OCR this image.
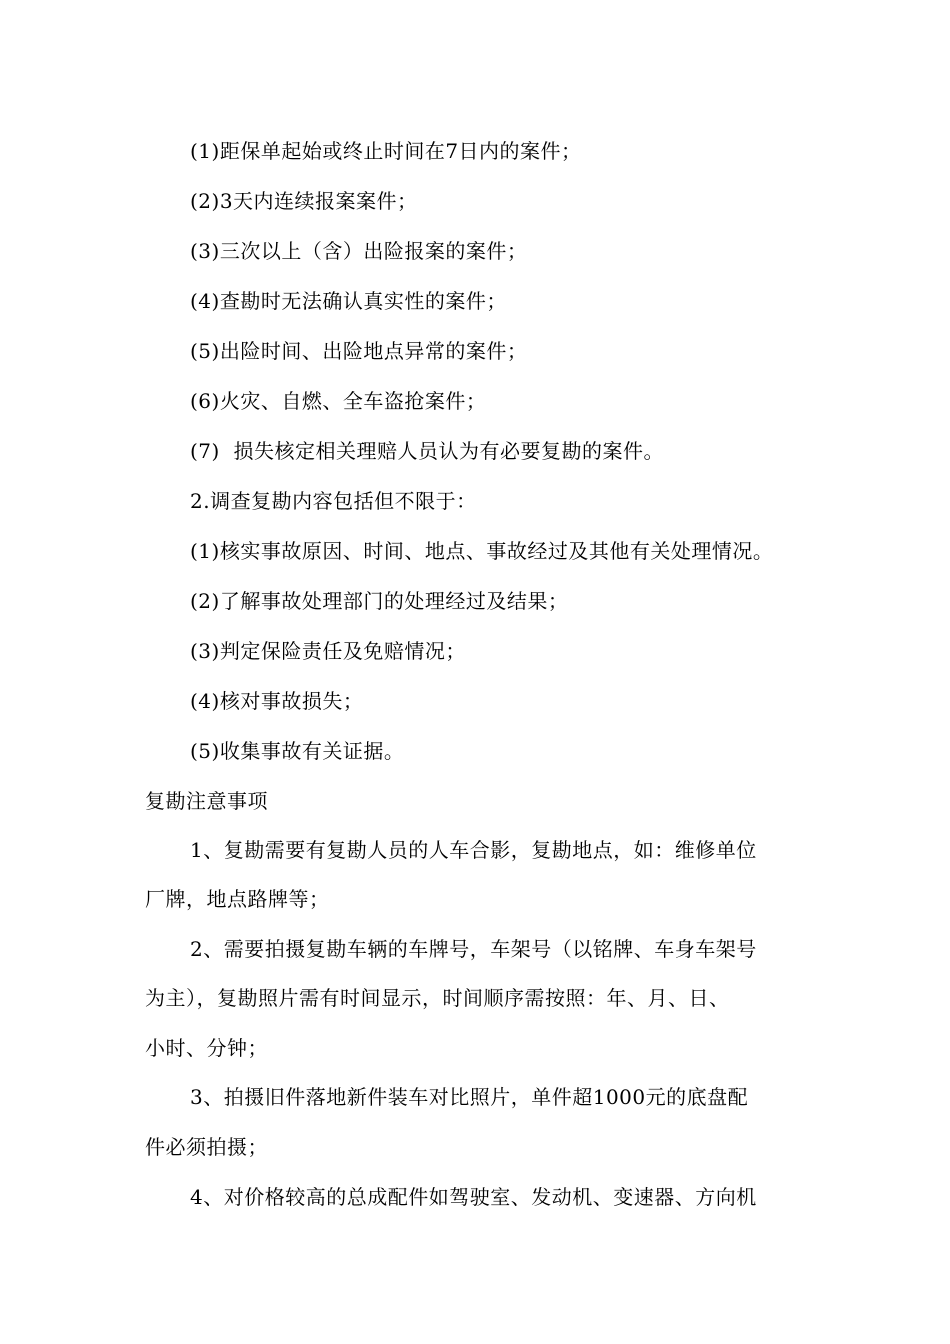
(1)距保单起始或终止时间在7日内的案件；
(2)3天内连续报案案件；
(3)三次以上（含）出险报案的案件；
(4)查勘时无法确认真实性的案件；
(5)出险时间、出险地点异常的案件；
(6)火灾、自燃、全车盗抢案件；
(7)  损失核定相关理赔人员认为有必要复勘的案件。
2.调查复勘内容包括但不限于：
(1)核实事故原因、时间、地点、事故经过及其他有关处理情况。
(2)了解事故处理部门的处理经过及结果；
(3)判定保险责任及免赔情况；
(4)核对事故损失；
(5)收集事故有关证据。
复勘注意事项
1、复勘需要有复勘人员的人车合影，复勘地点，如：维修单位
厂牌，地点路牌等；
2、需要拍摄复勘车辆的车牌号，车架号（以铭牌、车身车架号
为主），复勘照片需有时间显示，时间顺序需按照：年、月、日、
小时、分钟；
3、拍摄旧件落地新件装车对比照片，单件超1000元的底盘配
件必须拍摄；
4、对价格较高的总成配件如驾驶室、发动机、变速器、方向机
